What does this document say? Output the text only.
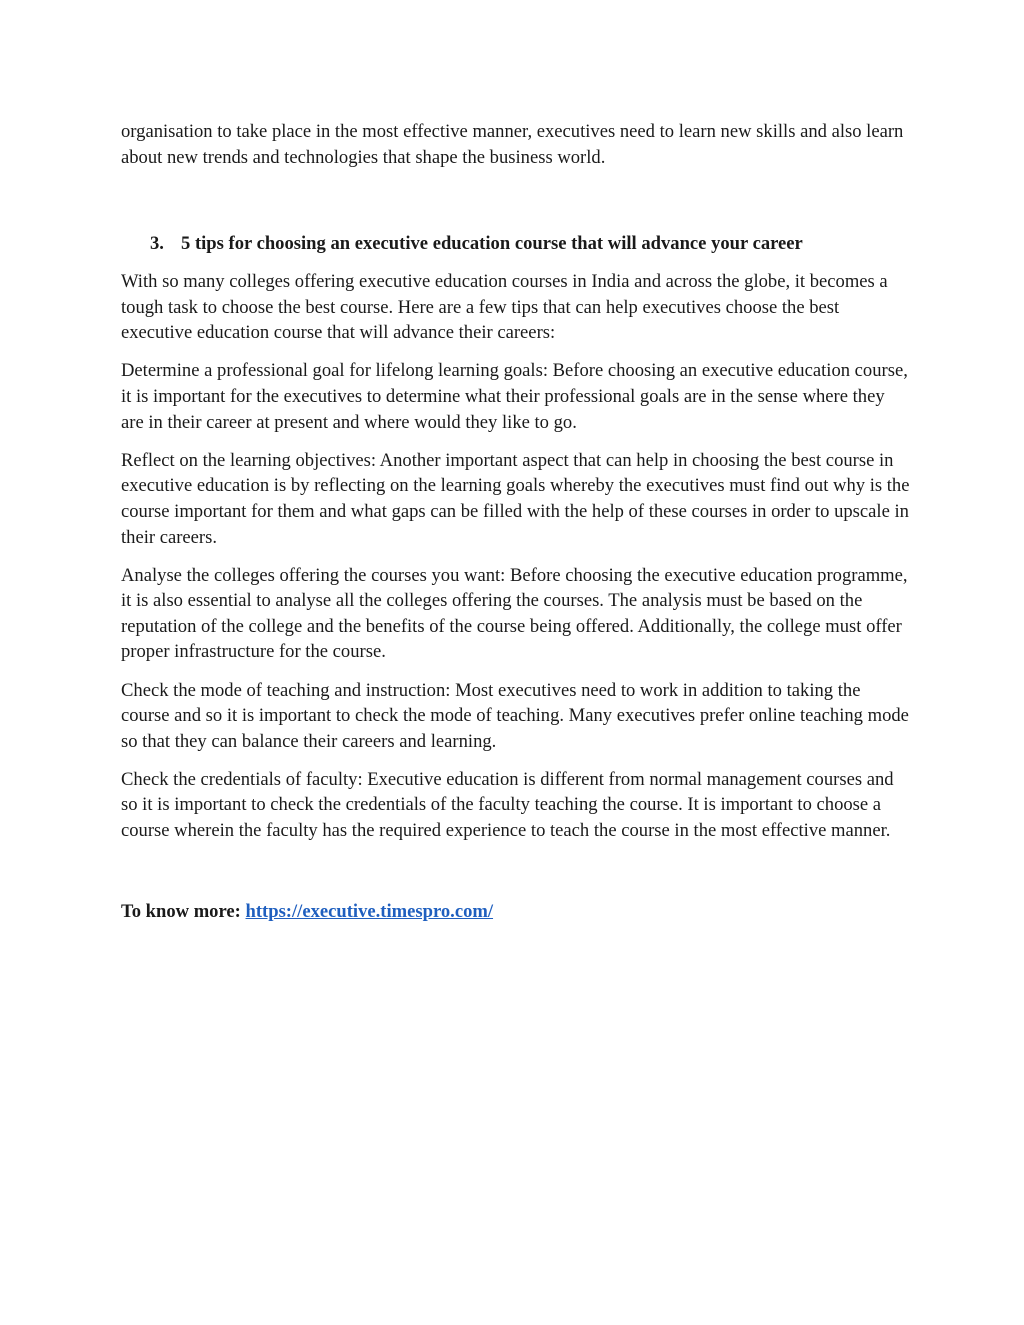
organisation to take place in the most effective manner, executives need to learn new skills and also learn about new trends and technologies that shape the business world.

3. 5 tips for choosing an executive education course that will advance your career

With so many colleges offering executive education courses in India and across the globe, it becomes a tough task to choose the best course. Here are a few tips that can help executives choose the best executive education course that will advance their careers:

Determine a professional goal for lifelong learning goals: Before choosing an executive education course, it is important for the executives to determine what their professional goals are in the sense where they are in their career at present and where would they like to go.

Reflect on the learning objectives: Another important aspect that can help in choosing the best course in executive education is by reflecting on the learning goals whereby the executives must find out why is the course important for them and what gaps can be filled with the help of these courses in order to upscale in their careers.

Analyse the colleges offering the courses you want: Before choosing the executive education programme, it is also essential to analyse all the colleges offering the courses. The analysis must be based on the reputation of the college and the benefits of the course being offered. Additionally, the college must offer proper infrastructure for the course.

Check the mode of teaching and instruction: Most executives need to work in addition to taking the course and so it is important to check the mode of teaching. Many executives prefer online teaching mode so that they can balance their careers and learning.

Check the credentials of faculty: Executive education is different from normal management courses and so it is important to check the credentials of the faculty teaching the course. It is important to choose a course wherein the faculty has the required experience to teach the course in the most effective manner.

To know more: https://executive.timespro.com/
